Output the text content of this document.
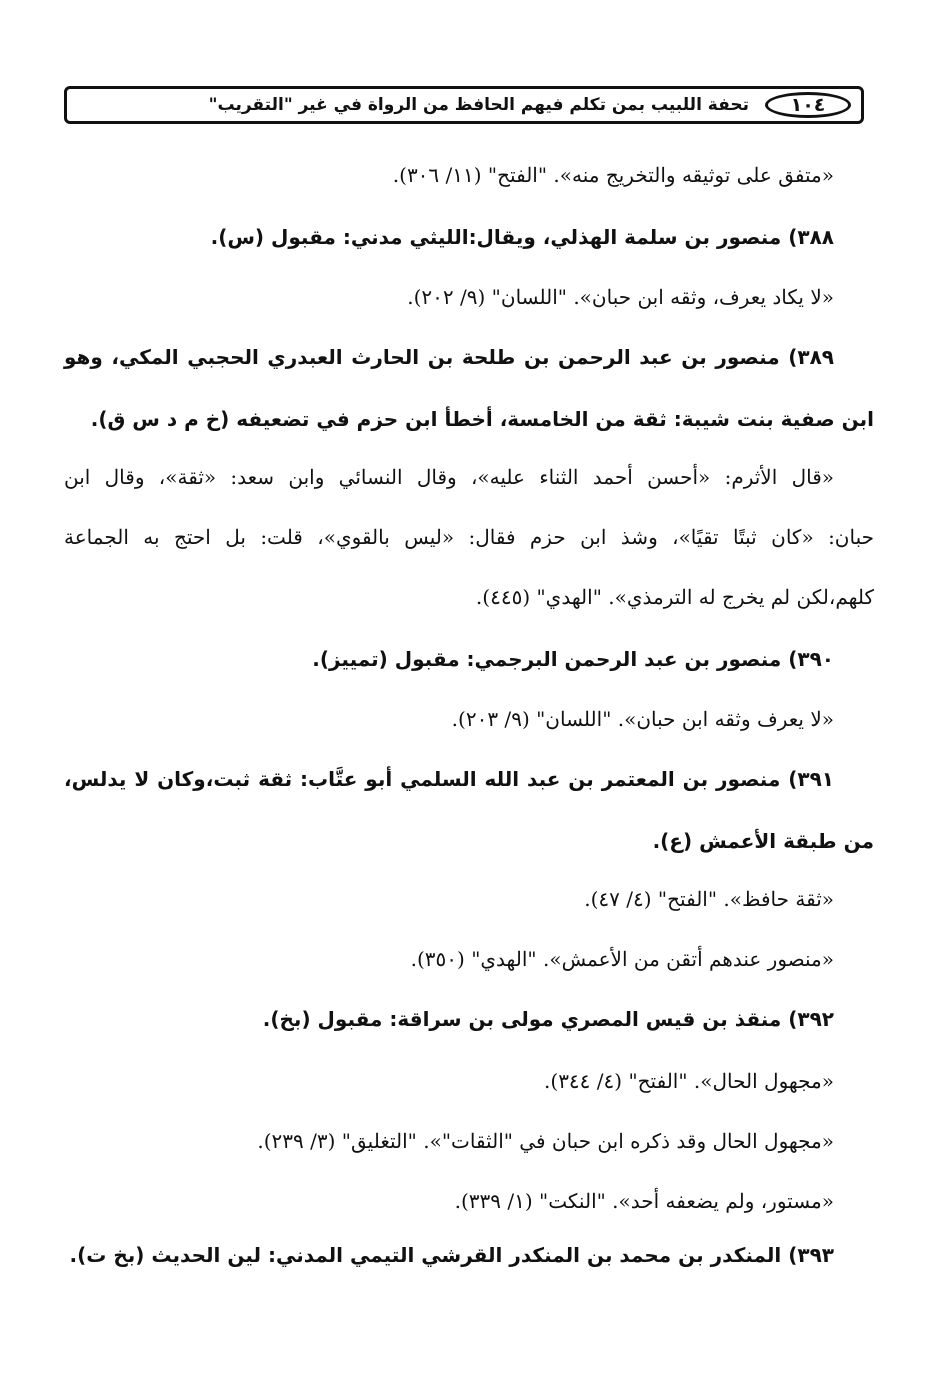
١٠٤
تحفة اللبيب بمن تكلم فيهم الحافظ من الرواة في غير "التقريب"
«متفق على توثيقه والتخريج منه». "الفتح" (١١/ ٣٠٦).
٣٨٨) منصور بن سلمة الهذلي، ويقال:الليثي مدني: مقبول (س).
«لا يكاد يعرف، وثقه ابن حبان». "اللسان" (٩/ ٢٠٢).
٣٨٩) منصور بن عبد الرحمن بن طلحة بن الحارث العبدري الحجبي المكي، وهو
ابن صفية بنت شيبة: ثقة من الخامسة، أخطأ ابن حزم في تضعيفه (خ م د س ق).
«قال الأثرم: «أحسن أحمد الثناء عليه»، وقال النسائي وابن سعد: «ثقة»، وقال ابن
حبان: «كان ثبتًا تقيًا»، وشذ ابن حزم فقال: «ليس بالقوي»، قلت: بل احتج به الجماعة
كلهم،لكن لم يخرج له الترمذي». "الهدي" (٤٤٥).
٣٩٠) منصور بن عبد الرحمن البرجمي: مقبول (تمييز).
«لا يعرف وثقه ابن حبان». "اللسان" (٩/ ٢٠٣).
٣٩١) منصور بن المعتمر بن عبد الله السلمي أبو عتَّاب: ثقة ثبت،وكان لا يدلس،
من طبقة الأعمش (ع).
«ثقة حافظ». "الفتح" (٤/ ٤٧).
«منصور عندهم أتقن من الأعمش». "الهدي" (٣٥٠).
٣٩٢) منقذ بن قيس المصري مولى بن سراقة: مقبول (بخ).
«مجهول الحال». "الفتح" (٤/ ٣٤٤).
«مجهول الحال وقد ذكره ابن حبان في "الثقات"». "التغليق" (٣/ ٢٣٩).
«مستور، ولم يضعفه أحد». "النكت" (١/ ٣٣٩).
٣٩٣) المنكدر بن محمد بن المنكدر القرشي التيمي المدني: لين الحديث (بخ ت).
